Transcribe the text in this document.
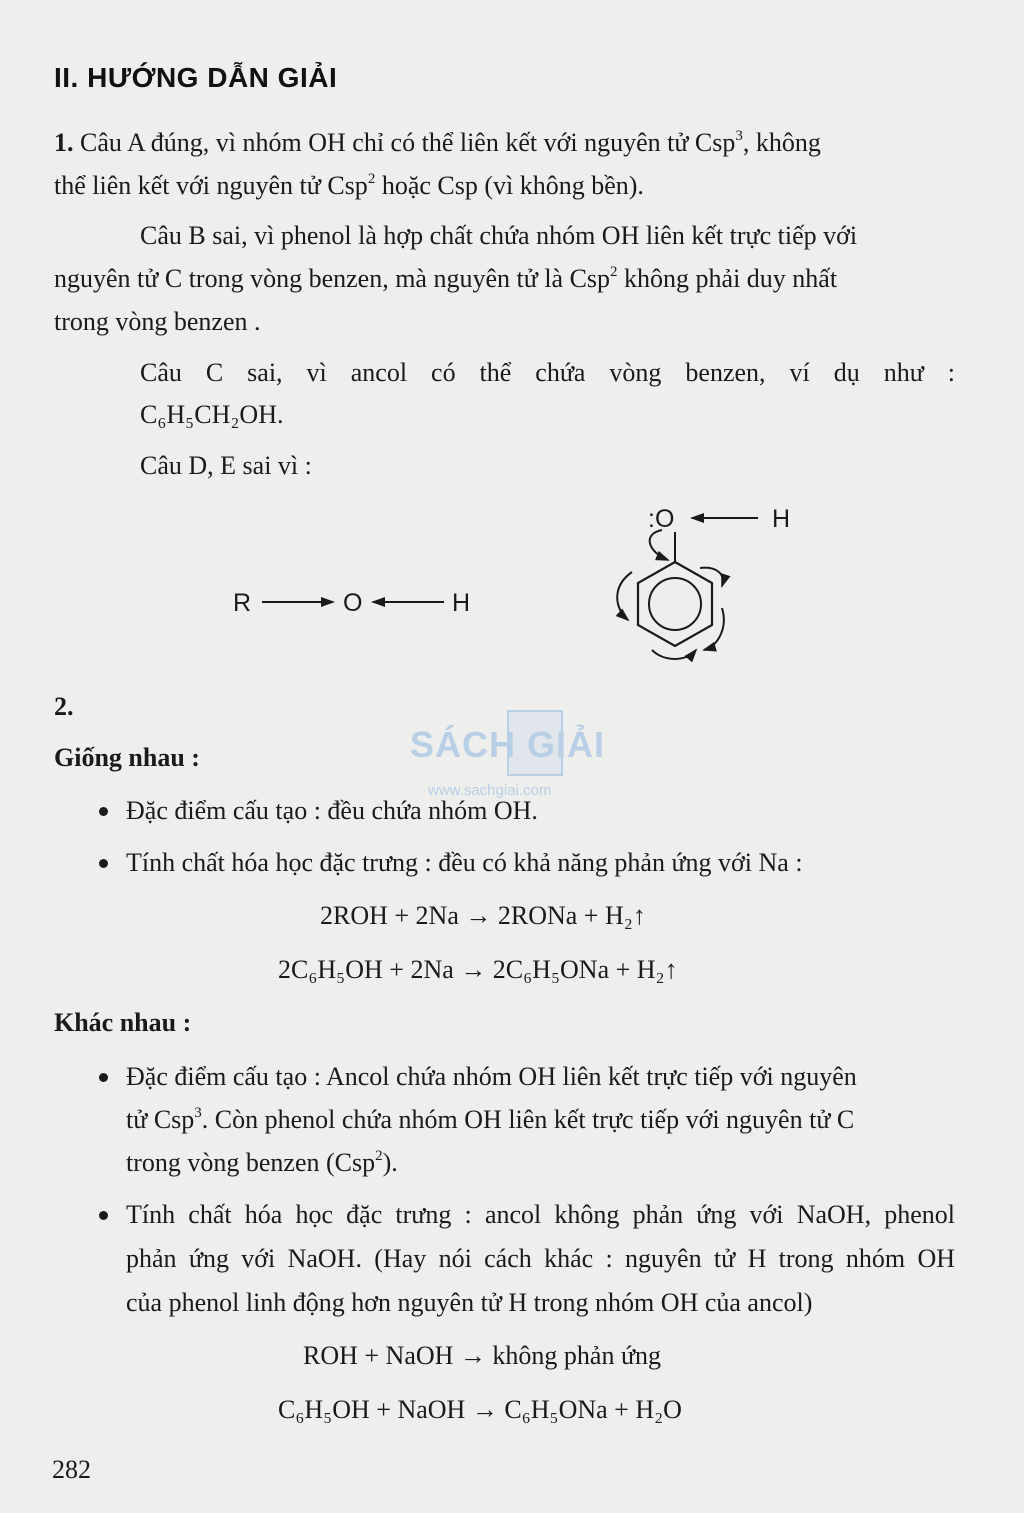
II. HƯỚNG DẪN GIẢI
1. Câu A đúng, vì nhóm OH chỉ có thể liên kết với nguyên tử Csp$^3$, không
thể liên kết với nguyên tử Csp$^2$ hoặc Csp (vì không bền).
Câu B sai, vì phenol là hợp chất chứa nhóm OH liên kết trực tiếp với
nguyên tử C trong vòng benzen, mà nguyên tử là Csp$^2$ không phải duy nhất
trong vòng benzen .
Câu C sai, vì ancol có thể chứa vòng benzen, ví dụ như :
C₆H₅CH₂OH.
Câu D, E sai vì :
R	O	H
:O	H
2.
SÁCH GIẢI
www.sachgiai.com
Giống nhau :
Đặc điểm cấu tạo : đều chứa nhóm OH.
Tính chất hóa học đặc trưng : đều có khả năng phản ứng với Na :
2ROH + 2Na → 2RONa + H₂↑
2C₆H₅OH + 2Na → 2C₆H₅ONa + H₂↑
Khác nhau :
Đặc điểm cấu tạo : Ancol chứa nhóm OH liên kết trực tiếp với nguyên
tử Csp$^3$. Còn phenol chứa nhóm OH liên kết trực tiếp với nguyên tử C
trong vòng benzen (Csp$^2$).
Tính chất hóa học đặc trưng : ancol không phản ứng với NaOH, phenol
phản ứng với NaOH. (Hay nói cách khác : nguyên tử H trong nhóm OH
của phenol linh động hơn nguyên tử H trong nhóm OH của ancol)
ROH + NaOH → không phản ứng
C₆H₅OH + NaOH → C₆H₅ONa + H₂O
282
